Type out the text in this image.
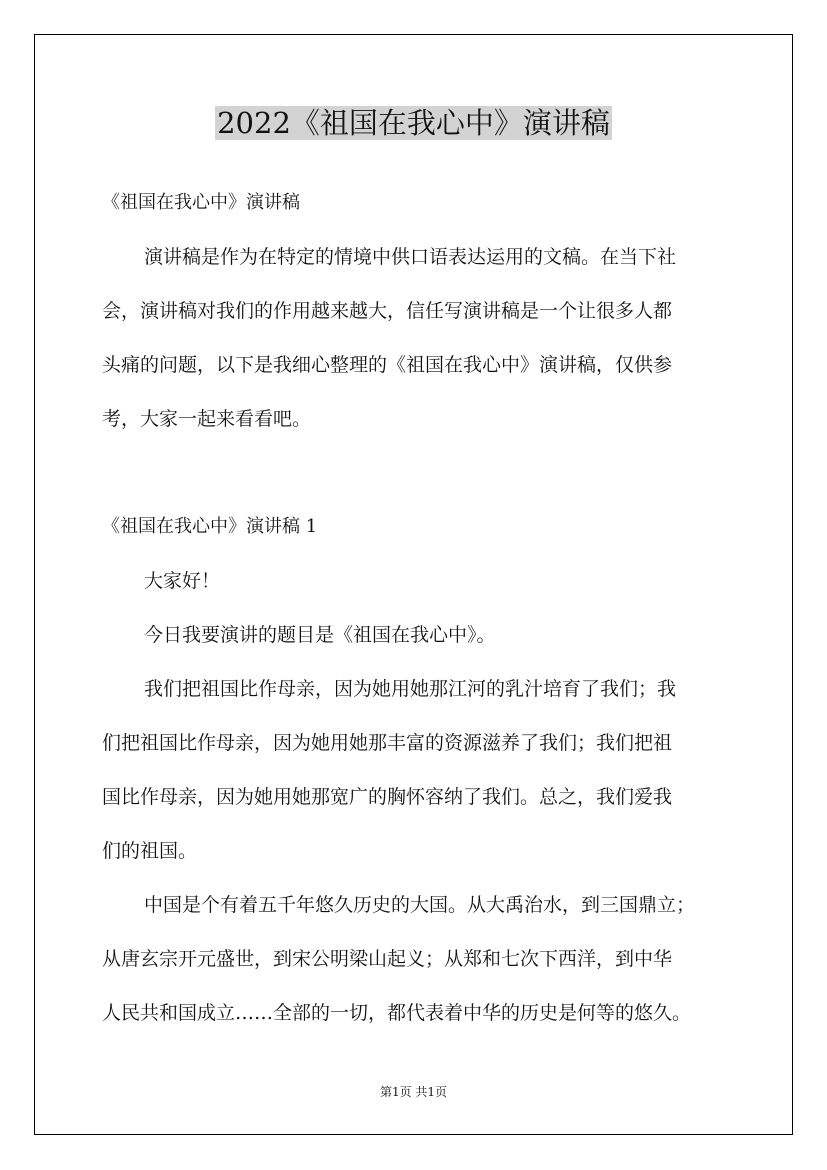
2022《祖国在我心中》演讲稿

《祖国在我心中》演讲稿

演讲稿是作为在特定的情境中供口语表达运用的文稿。在当下社

会，演讲稿对我们的作用越来越大，信任写演讲稿是一个让很多人都

头痛的问题，以下是我细心整理的《祖国在我心中》演讲稿，仅供参

考，大家一起来看看吧。

《祖国在我心中》演讲稿 1

大家好！

今日我要演讲的题目是《祖国在我心中》。

我们把祖国比作母亲，因为她用她那江河的乳汁培育了我们；我

们把祖国比作母亲，因为她用她那丰富的资源滋养了我们；我们把祖

国比作母亲，因为她用她那宽广的胸怀容纳了我们。总之，我们爱我

们的祖国。

中国是个有着五千年悠久历史的大国。从大禹治水，到三国鼎立；

从唐玄宗开元盛世，到宋公明梁山起义；从郑和七次下西洋，到中华

人民共和国成立……全部的一切，都代表着中华的历史是何等的悠久。

第1页 共1页
